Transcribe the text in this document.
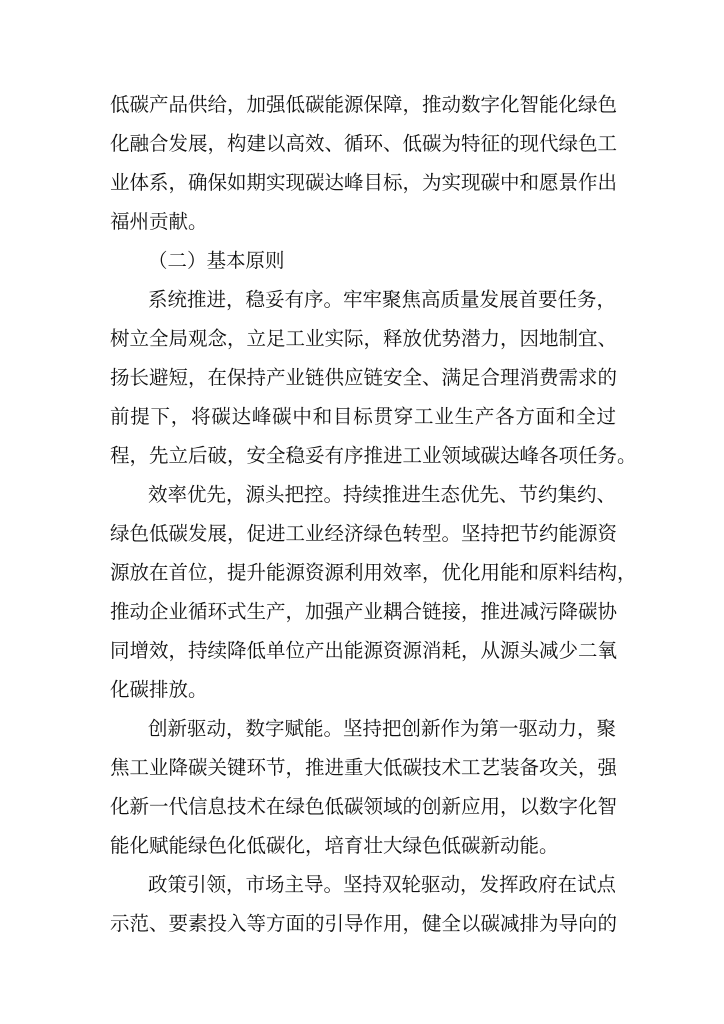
低碳产品供给，加强低碳能源保障，推动数字化智能化绿色
化融合发展，构建以高效、循环、低碳为特征的现代绿色工
业体系，确保如期实现碳达峰目标，为实现碳中和愿景作出
福州贡献。
（二）基本原则
系统推进，稳妥有序。牢牢聚焦高质量发展首要任务，
树立全局观念，立足工业实际，释放优势潜力，因地制宜、
扬长避短，在保持产业链供应链安全、满足合理消费需求的
前提下，将碳达峰碳中和目标贯穿工业生产各方面和全过
程，先立后破，安全稳妥有序推进工业领域碳达峰各项任务。
效率优先，源头把控。持续推进生态优先、节约集约、
绿色低碳发展，促进工业经济绿色转型。坚持把节约能源资
源放在首位，提升能源资源利用效率，优化用能和原料结构，
推动企业循环式生产，加强产业耦合链接，推进减污降碳协
同增效，持续降低单位产出能源资源消耗，从源头减少二氧
化碳排放。
创新驱动，数字赋能。坚持把创新作为第一驱动力，聚
焦工业降碳关键环节，推进重大低碳技术工艺装备攻关，强
化新一代信息技术在绿色低碳领域的创新应用，以数字化智
能化赋能绿色化低碳化，培育壮大绿色低碳新动能。
政策引领，市场主导。坚持双轮驱动，发挥政府在试点
示范、要素投入等方面的引导作用，健全以碳减排为导向的
